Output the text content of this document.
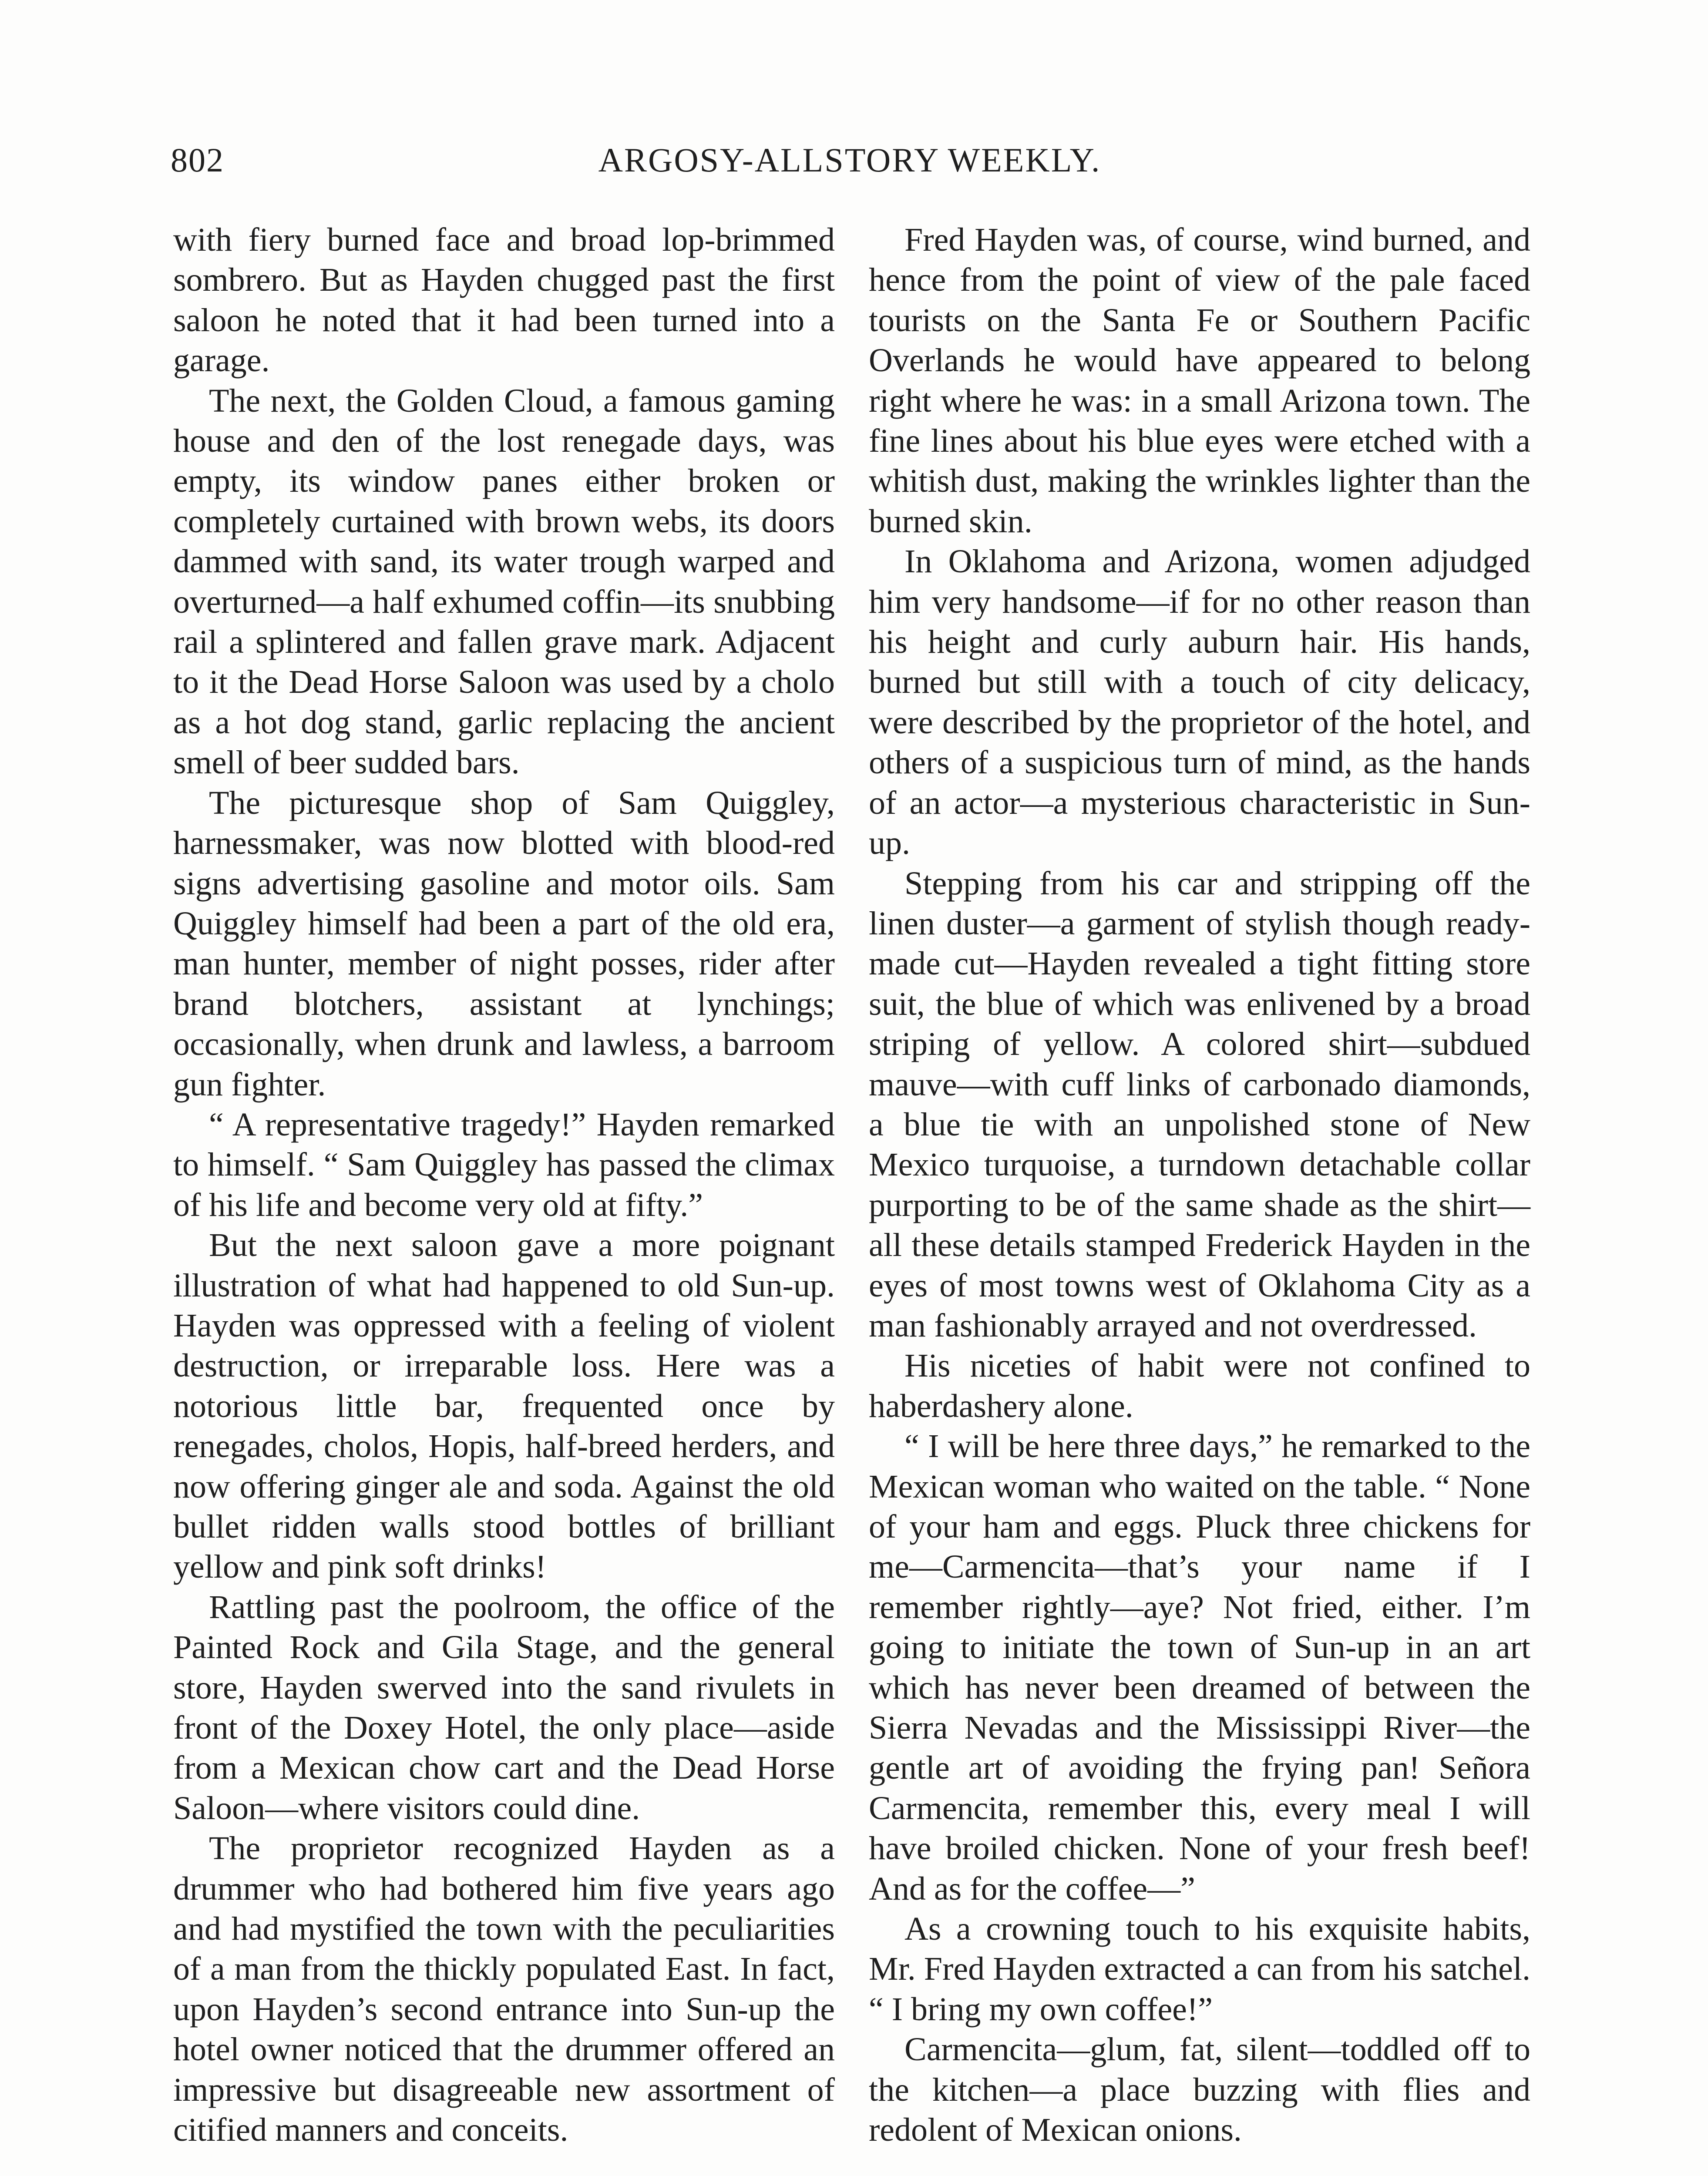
802	ARGOSY-ALLSTORY WEEKLY.

with fiery burned face and broad lop-brimmed sombrero. But as Hayden chugged past the first saloon he noted that it had been turned into a garage.

The next, the Golden Cloud, a famous gaming house and den of the lost renegade days, was empty, its window panes either broken or completely curtained with brown webs, its doors dammed with sand, its water trough warped and overturned—a half exhumed coffin—its snubbing rail a splintered and fallen grave mark. Adjacent to it the Dead Horse Saloon was used by a cholo as a hot dog stand, garlic replacing the ancient smell of beer sudded bars.

The picturesque shop of Sam Quiggley, harnessmaker, was now blotted with blood-red signs advertising gasoline and motor oils. Sam Quiggley himself had been a part of the old era, man hunter, member of night posses, rider after brand blotchers, assistant at lynchings; occasionally, when drunk and lawless, a barroom gun fighter.

“ A representative tragedy!” Hayden remarked to himself. “ Sam Quiggley has passed the climax of his life and become very old at fifty.”

But the next saloon gave a more poignant illustration of what had happened to old Sun-up. Hayden was oppressed with a feeling of violent destruction, or irreparable loss. Here was a notorious little bar, frequented once by renegades, cholos, Hopis, half-breed herders, and now offering ginger ale and soda. Against the old bullet ridden walls stood bottles of brilliant yellow and pink soft drinks!

Rattling past the poolroom, the office of the Painted Rock and Gila Stage, and the general store, Hayden swerved into the sand rivulets in front of the Doxey Hotel, the only place—aside from a Mexican chow cart and the Dead Horse Saloon—where visitors could dine.

The proprietor recognized Hayden as a drummer who had bothered him five years ago and had mystified the town with the peculiarities of a man from the thickly populated East. In fact, upon Hayden’s second entrance into Sun-up the hotel owner noticed that the drummer offered an impressive but disagreeable new assortment of citified manners and conceits.

Fred Hayden was, of course, wind burned, and hence from the point of view of the pale faced tourists on the Santa Fe or Southern Pacific Overlands he would have appeared to belong right where he was: in a small Arizona town. The fine lines about his blue eyes were etched with a whitish dust, making the wrinkles lighter than the burned skin.

In Oklahoma and Arizona, women adjudged him very handsome—if for no other reason than his height and curly auburn hair. His hands, burned but still with a touch of city delicacy, were described by the proprietor of the hotel, and others of a suspicious turn of mind, as the hands of an actor—a mysterious characteristic in Sun-up.

Stepping from his car and stripping off the linen duster—a garment of stylish though ready-made cut—Hayden revealed a tight fitting store suit, the blue of which was enlivened by a broad striping of yellow. A colored shirt—subdued mauve—with cuff links of carbonado diamonds, a blue tie with an unpolished stone of New Mexico turquoise, a turndown detachable collar purporting to be of the same shade as the shirt—all these details stamped Frederick Hayden in the eyes of most towns west of Oklahoma City as a man fashionably arrayed and not overdressed.

His niceties of habit were not confined to haberdashery alone.

“ I will be here three days,” he remarked to the Mexican woman who waited on the table. “ None of your ham and eggs. Pluck three chickens for me—Carmencita—that’s your name if I remember rightly—aye? Not fried, either. I’m going to initiate the town of Sun-up in an art which has never been dreamed of between the Sierra Nevadas and the Mississippi River—the gentle art of avoiding the frying pan! Señora Carmencita, remember this, every meal I will have broiled chicken. None of your fresh beef! And as for the coffee—”

As a crowning touch to his exquisite habits, Mr. Fred Hayden extracted a can from his satchel. “ I bring my own coffee!”

Carmencita—glum, fat, silent—toddled off to the kitchen—a place buzzing with flies and redolent of Mexican onions.
